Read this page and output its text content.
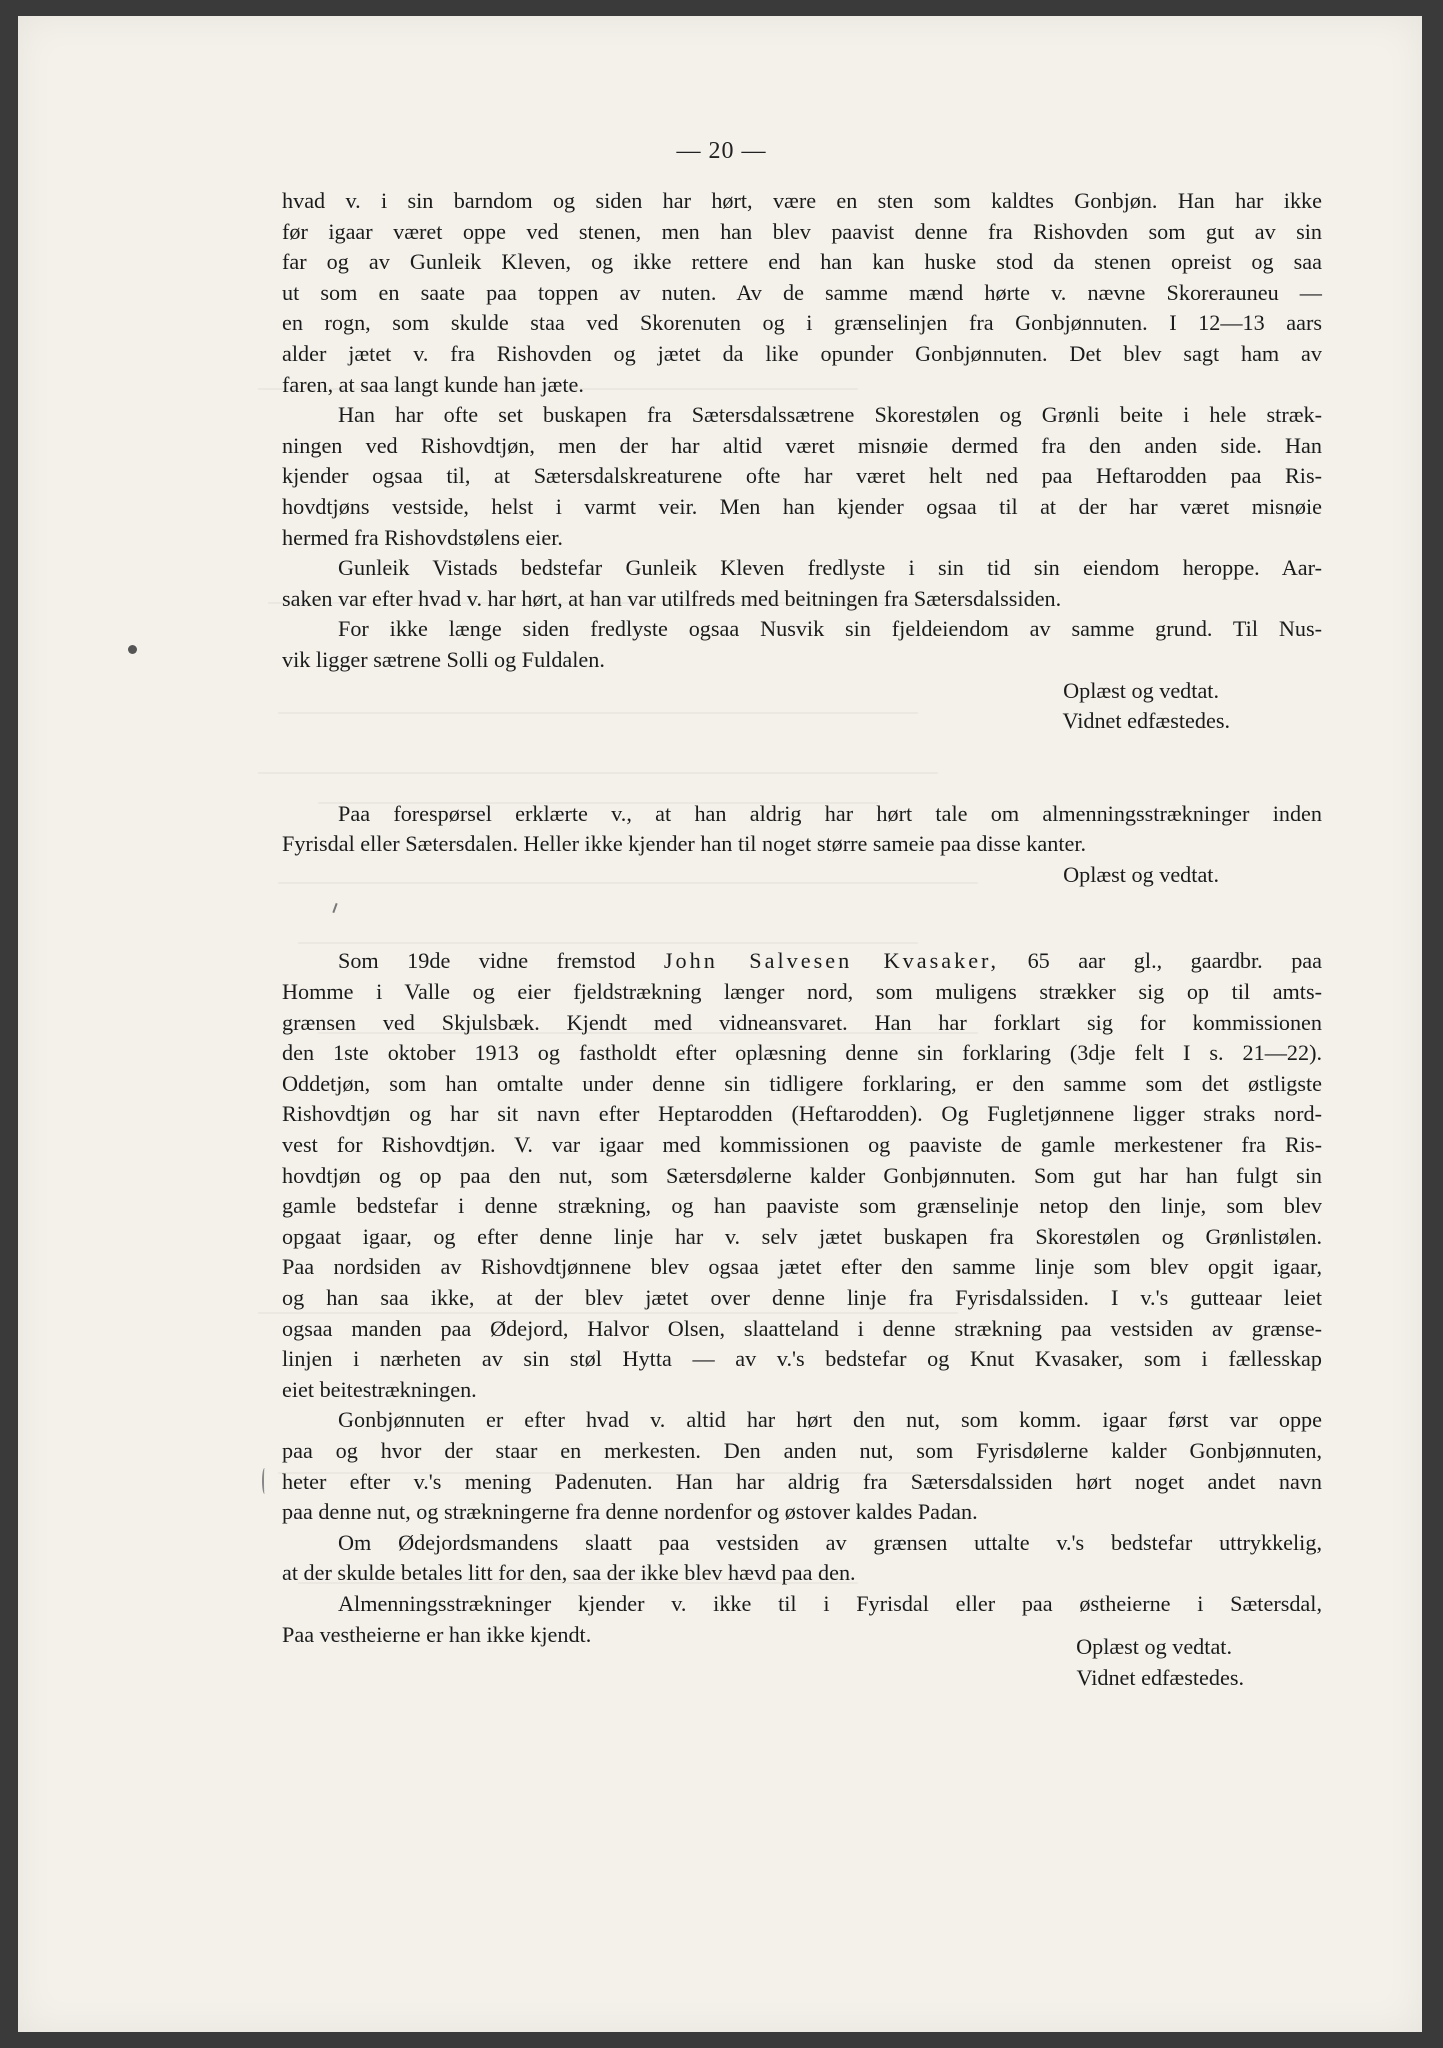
— 20 —

hvad v. i sin barndom og siden har hørt, være en sten som kaldtes Gonbjøn. Han har ikke
før igaar været oppe ved stenen, men han blev paavist denne fra Rishovden som gut av sin
far og av Gunleik Kleven, og ikke rettere end han kan huske stod da stenen opreist og saa
ut som en saate paa toppen av nuten. Av de samme mænd hørte v. nævne Skorerauneu —
en rogn, som skulde staa ved Skorenuten og i grænselinjen fra Gonbjønnuten. I 12—13 aars
alder jætet v. fra Rishovden og jætet da like opunder Gonbjønnuten. Det blev sagt ham av
faren, at saa langt kunde han jæte.

Han har ofte set buskapen fra Sætersdalssætrene Skorestølen og Grønli beite i hele stræk-
ningen ved Rishovdtjøn, men der har altid været misnøie dermed fra den anden side. Han
kjender ogsaa til, at Sætersdalskreaturene ofte har været helt ned paa Heftarodden paa Ris-
hovdtjøns vestside, helst i varmt veir. Men han kjender ogsaa til at der har været misnøie
hermed fra Rishovdstølens eier.

Gunleik Vistads bedstefar Gunleik Kleven fredlyste i sin tid sin eiendom heroppe. Aar-
saken var efter hvad v. har hørt, at han var utilfreds med beitningen fra Sætersdalssiden.

For ikke længe siden fredlyste ogsaa Nusvik sin fjeldeiendom av samme grund. Til Nus-
vik ligger sætrene Solli og Fuldalen.
Oplæst og vedtat.
Vidnet edfæstedes.

Paa forespørsel erklærte v., at han aldrig har hørt tale om almenningsstrækninger inden
Fyrisdal eller Sætersdalen. Heller ikke kjender han til noget større sameie paa disse kanter.
Oplæst og vedtat.

Som 19de vidne fremstod John Salvesen Kvasaker, 65 aar gl., gaardbr. paa
Homme i Valle og eier fjeldstrækning længer nord, som muligens strækker sig op til amts-
grænsen ved Skjulsbæk. Kjendt med vidneansvaret. Han har forklart sig for kommissionen
den 1ste oktober 1913 og fastholdt efter oplæsning denne sin forklaring (3dje felt I s. 21—22).
Oddetjøn, som han omtalte under denne sin tidligere forklaring, er den samme som det østligste
Rishovdtjøn og har sit navn efter Heptarodden (Heftarodden). Og Fugletjønnene ligger straks nord-
vest for Rishovdtjøn. V. var igaar med kommissionen og paaviste de gamle merkestener fra Ris-
hovdtjøn og op paa den nut, som Sætersdølerne kalder Gonbjønnuten. Som gut har han fulgt sin
gamle bedstefar i denne strækning, og han paaviste som grænselinje netop den linje, som blev
opgaat igaar, og efter denne linje har v. selv jætet buskapen fra Skorestølen og Grønlistølen.
Paa nordsiden av Rishovdtjønnene blev ogsaa jætet efter den samme linje som blev opgit igaar,
og han saa ikke, at der blev jætet over denne linje fra Fyrisdalssiden. I v.'s gutteaar leiet
ogsaa manden paa Ødejord, Halvor Olsen, slaatteland i denne strækning paa vestsiden av grænse-
linjen i nærheten av sin støl Hytta — av v.'s bedstefar og Knut Kvasaker, som i fællesskap
eiet beitestrækningen.

Gonbjønnuten er efter hvad v. altid har hørt den nut, som komm. igaar først var oppe
paa og hvor der staar en merkesten. Den anden nut, som Fyrisdølerne kalder Gonbjønnuten,
heter efter v.'s mening Padenuten. Han har aldrig fra Sætersdalssiden hørt noget andet navn
paa denne nut, og strækningerne fra denne nordenfor og østover kaldes Padan.

Om Ødejordsmandens slaatt paa vestsiden av grænsen uttalte v.'s bedstefar uttrykkelig,
at der skulde betales litt for den, saa der ikke blev hævd paa den.

Almenningsstrækninger kjender v. ikke til i Fyrisdal eller paa østheierne i Sætersdal,
Paa vestheierne er han ikke kjendt.
Oplæst og vedtat.
Vidnet edfæstedes.
